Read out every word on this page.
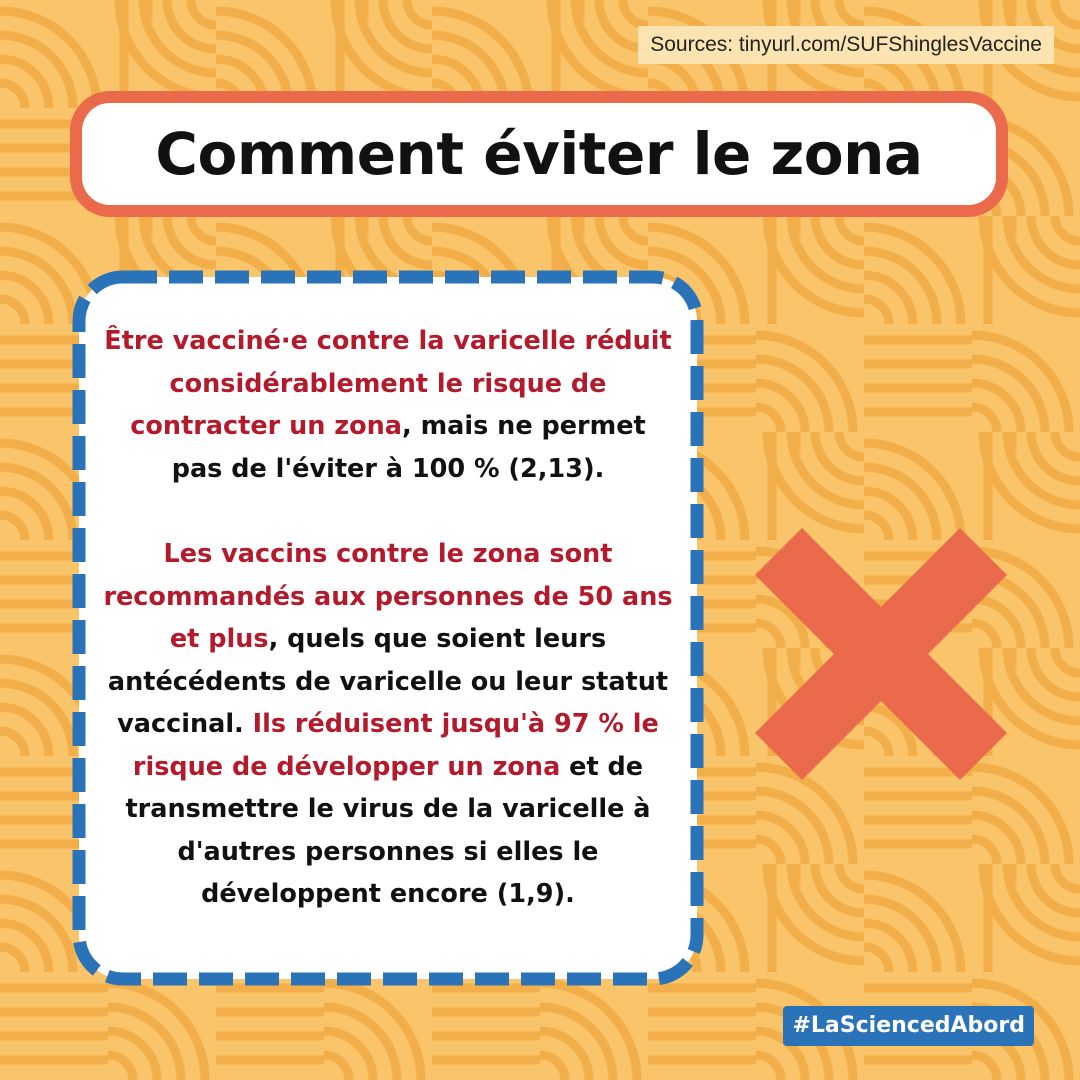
Sources: tinyurl.com/SUFShinglesVaccine
Comment éviter le zona

Être vacciné·e contre la varicelle réduit considérablement le risque de contracter un zona, mais ne permet pas de l'éviter à 100 % (2,13).

Les vaccins contre le zona sont recommandés aux personnes de 50 ans et plus, quels que soient leurs antécédents de varicelle ou leur statut vaccinal. Ils réduisent jusqu'à 97 % le risque de développer un zona et de transmettre le virus de la varicelle à d'autres personnes si elles le développent encore (1,9).

#LaSciencedAbord
